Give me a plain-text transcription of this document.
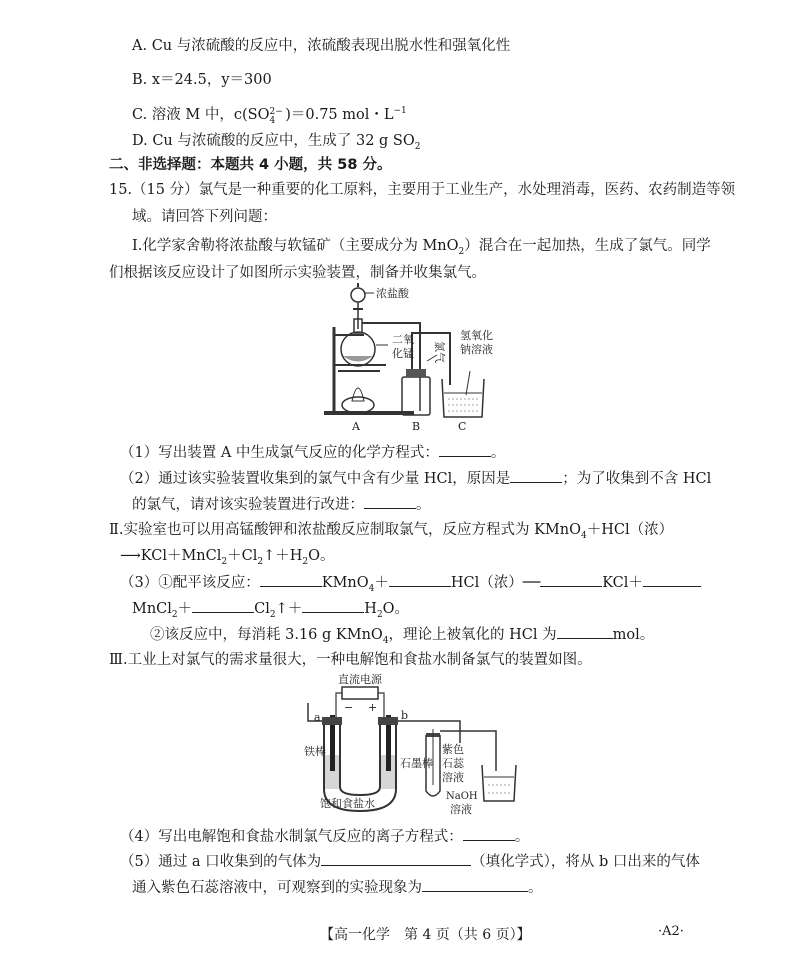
A. Cu 与浓硫酸的反应中，浓硫酸表现出脱水性和强氧化性
B. x＝24.5，y＝300
C. 溶液 M 中，c(SO 2−
$_4$ )＝0.75 mol・$L^{-1}$
D. Cu 与浓硫酸的反应中，生成了 32 g $SO_2$
二、非选择题：本题共 4 小题，共 58 分。
15.（15 分）氯气是一种重要的化工原料，主要用于工业生产，水处理消毒，医药、农药制造等领
域。请回答下列问题：
Ⅰ.化学家舍勒将浓盐酸与软锰矿（主要成分为 MnO$_2$）混合在一起加热，生成了氯气。同学
们根据该反应设计了如图所示实验装置，制备并收集氯气。
浓盐酸
二氧
化锰 氯气
氢氧化
钠溶液
A	B	C
（1）写出装置 A 中生成氯气反应的化学方程式：	。
（2）通过该实验装置收集到的氯气中含有少量 HCl，原因是	；为了收集到不含 HCl
的氯气，请对该实验装置进行改进：	。
Ⅱ.实验室也可以用高锰酸钾和浓盐酸反应制取氯气，反应方程式为 KMnO$_4$＋HCl（浓）
$⟶KCl+MnCl_2+Cl_2↑+H_2O$。
（3）①配平该反应：	KMnO$_4$＋	HCl（浓）──	KCl＋
MnCl$_2$＋	$Cl_2↑+$	$H_2O$。
②该反应中，每消耗 3.16 g KMnO$_4$，理论上被氧化的 HCl 为	mol。
Ⅲ.工业上对氯气的需求量很大，一种电解饱和食盐水制备氯气的装置如图。
直流电源
− +
a	b
铁棒
石墨棒
饱和食盐水
紫色
石蕊
溶液
NaOH
溶液
（4）写出电解饱和食盐水制氯气反应的离子方程式：	。
（5）通过 a 口收集到的气体为	（填化学式），将从 b 口出来的气体
通入紫色石蕊溶液中，可观察到的实验现象为	。
【高一化学　第 4 页（共 6 页）】	·A2·
